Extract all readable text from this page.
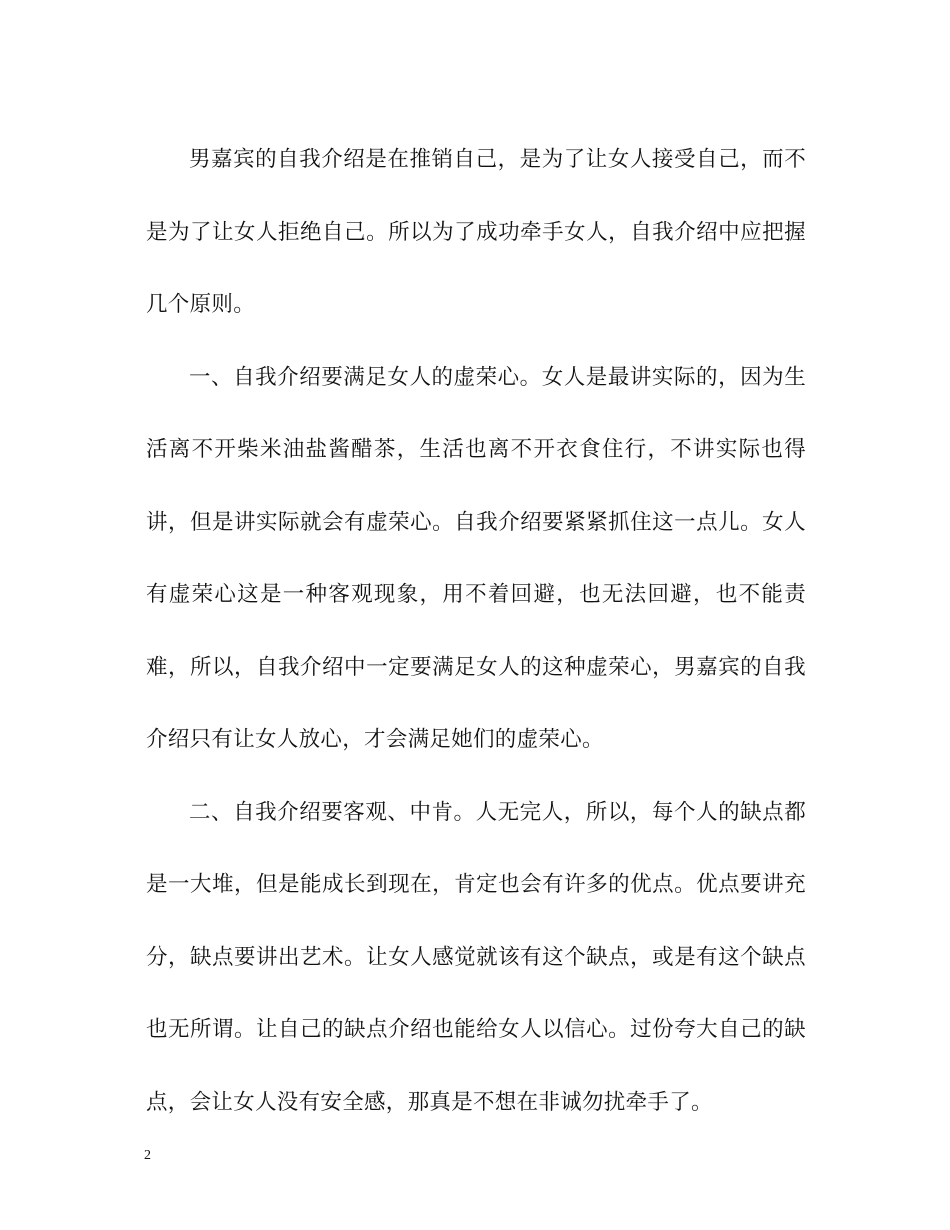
男嘉宾的自我介绍是在推销自己，是为了让女人接受自己，而不是为了让女人拒绝自己。所以为了成功牵手女人，自我介绍中应把握几个原则。

一、自我介绍要满足女人的虚荣心。女人是最讲实际的，因为生活离不开柴米油盐酱醋茶，生活也离不开衣食住行，不讲实际也得讲，但是讲实际就会有虚荣心。自我介绍要紧紧抓住这一点儿。女人有虚荣心这是一种客观现象，用不着回避，也无法回避，也不能责难，所以，自我介绍中一定要满足女人的这种虚荣心，男嘉宾的自我介绍只有让女人放心，才会满足她们的虚荣心。

二、自我介绍要客观、中肯。人无完人，所以，每个人的缺点都是一大堆，但是能成长到现在，肯定也会有许多的优点。优点要讲充分，缺点要讲出艺术。让女人感觉就该有这个缺点，或是有这个缺点也无所谓。让自己的缺点介绍也能给女人以信心。过份夸大自己的缺点，会让女人没有安全感，那真是不想在非诚勿扰牵手了。

2
